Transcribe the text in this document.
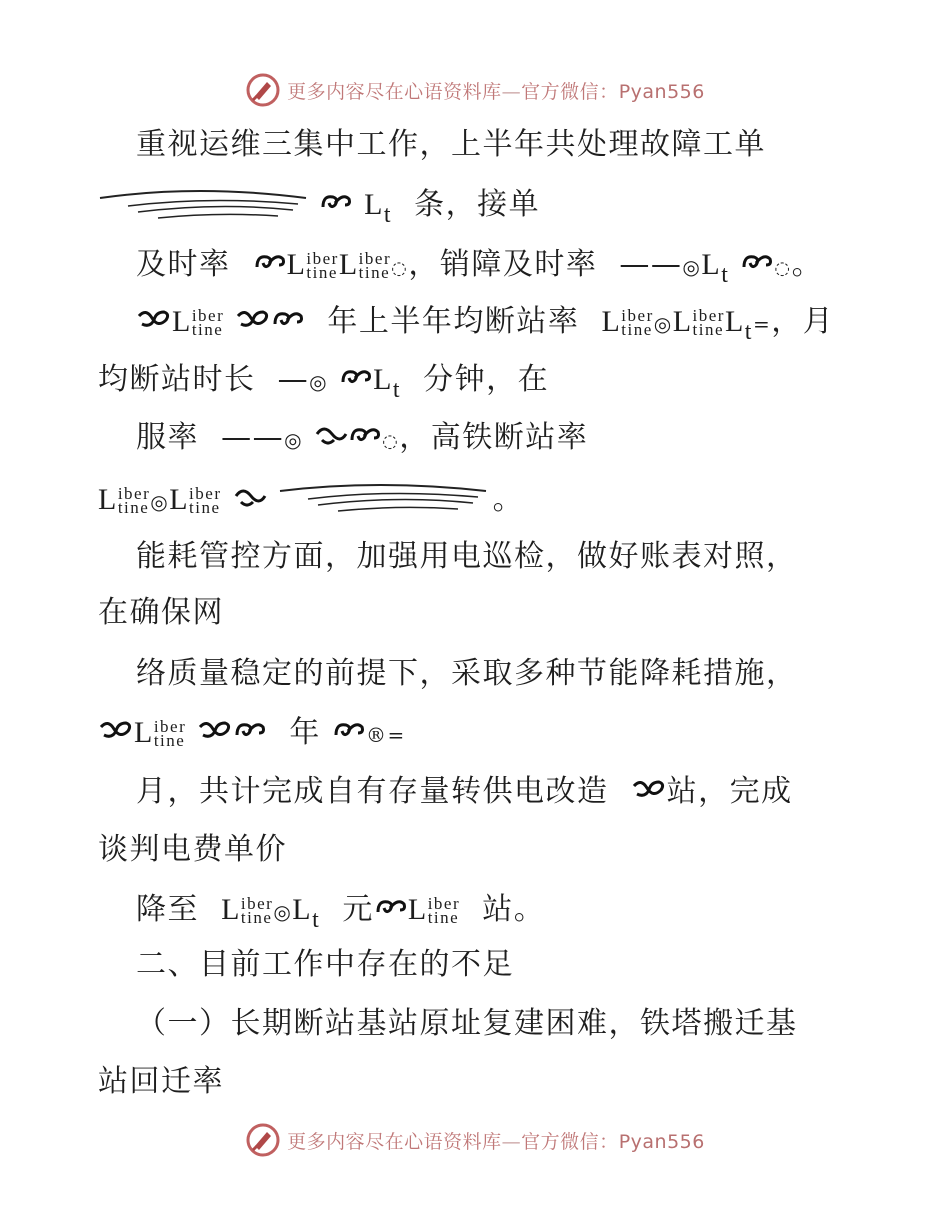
更多内容尽在心语资料库—官方微信：Pyan556
重视运维三集中工作，上半年共处理故障工单
$L_t$ 条，接单
及时率 L iber
tine L iber
tine ◌，销障及时率 $——◎L_t$	◌。
L iber
tine	年上半年均断站率 L iber
tine ◎L iber
tine $L_t=$，月
均断站时长 —◎ $L_t$ 分钟，在
服率 ——◎	◌，高铁断站率
L iber
tine ◎L iber
tine	。
能耗管控方面，加强用电巡检，做好账表对照，
在确保网
络质量稳定的前提下，采取多种节能降耗措施，
L iber
tine	年 ®=
月，共计完成自有存量转供电改造 站，完成
谈判电费单价
降至 L iber
tine $◎L_t$ 元 L iber
tine 站。
二、目前工作中存在的不足
（一）长期断站基站原址复建困难，铁塔搬迁基
站回迁率
更多内容尽在心语资料库—官方微信：Pyan556
